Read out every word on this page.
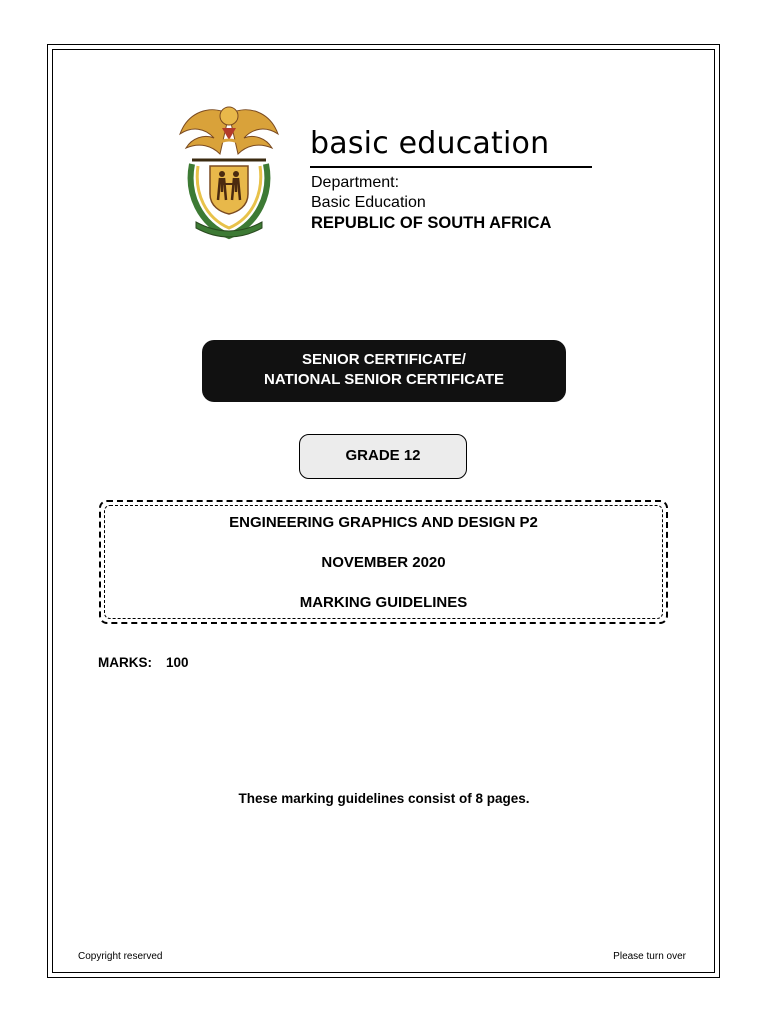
basic education
Department:
Basic Education
REPUBLIC OF SOUTH AFRICA
SENIOR CERTIFICATE/
NATIONAL SENIOR CERTIFICATE
GRADE 12
ENGINEERING GRAPHICS AND DESIGN P2
NOVEMBER 2020
MARKING GUIDELINES
MARKS: 100
These marking guidelines consist of 8 pages.
Copyright reserved	Please turn over
